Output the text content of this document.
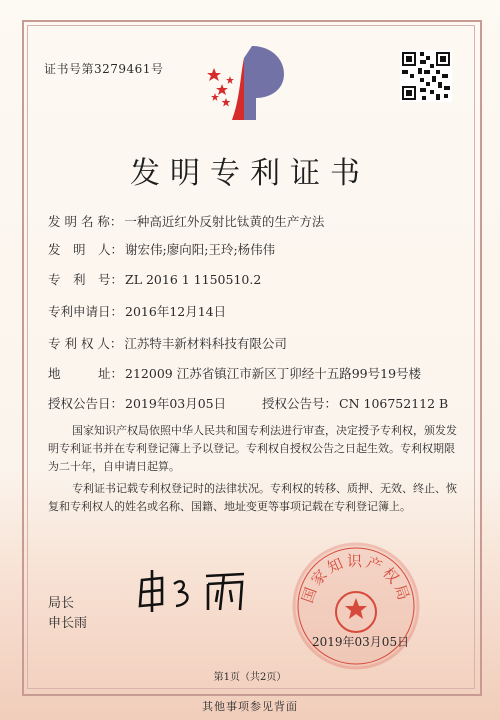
证书号第3279461号
发明专利证书
发 明 名 称： 一种高近红外反射比钛黄的生产方法
发　明　人： 谢宏伟;廖向阳;王玲;杨伟伟
专　利　号： ZL 2016 1 1150510.2
专利申请日： 2016年12月14日
专 利 权 人： 江苏特丰新材料科技有限公司
地　　　址： 212009 江苏省镇江市新区丁卯经十五路99号19号楼
授权公告日： 2019年03月05日	授权公告号： CN 106752112 B
国家知识产权局依照中华人民共和国专利法进行审查，决定授予专利权，颁发发明专利证书并在专利登记簿上予以登记。专利权自授权公告之日起生效。专利权期限为二十年，自申请日起算。
专利证书记载专利权登记时的法律状况。专利权的转移、质押、无效、终止、恢复和专利权人的姓名或名称、国籍、地址变更等事项记载在专利登记簿上。
局长
申长雨
国家知识产权局
2019年03月05日
第1页（共2页）
其他事项参见背面
